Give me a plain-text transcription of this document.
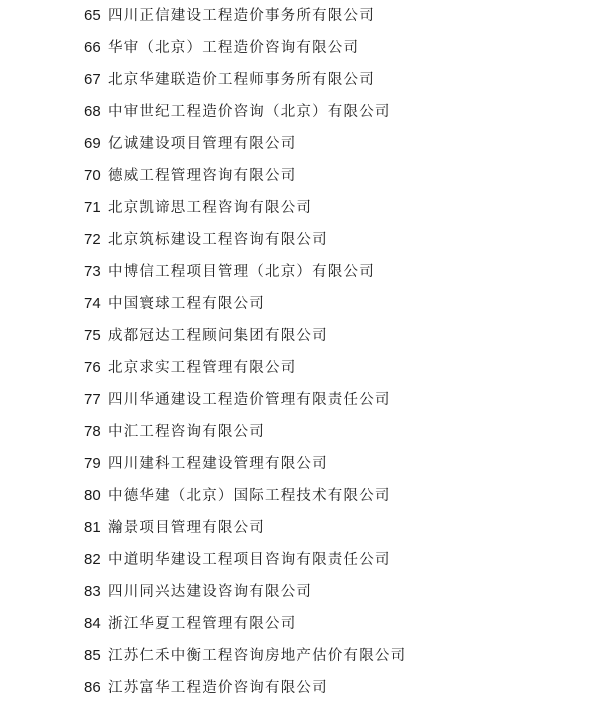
65 四川正信建设工程造价事务所有限公司
66 华审（北京）工程造价咨询有限公司
67 北京华建联造价工程师事务所有限公司
68 中审世纪工程造价咨询（北京）有限公司
69 亿诚建设项目管理有限公司
70 德威工程管理咨询有限公司
71 北京凯谛思工程咨询有限公司
72 北京筑标建设工程咨询有限公司
73 中博信工程项目管理（北京）有限公司
74 中国寰球工程有限公司
75 成都冠达工程顾问集团有限公司
76 北京求实工程管理有限公司
77 四川华通建设工程造价管理有限责任公司
78 中汇工程咨询有限公司
79 四川建科工程建设管理有限公司
80 中德华建（北京）国际工程技术有限公司
81 瀚景项目管理有限公司
82 中道明华建设工程项目咨询有限责任公司
83 四川同兴达建设咨询有限公司
84 浙江华夏工程管理有限公司
85 江苏仁禾中衡工程咨询房地产估价有限公司
86 江苏富华工程造价咨询有限公司
